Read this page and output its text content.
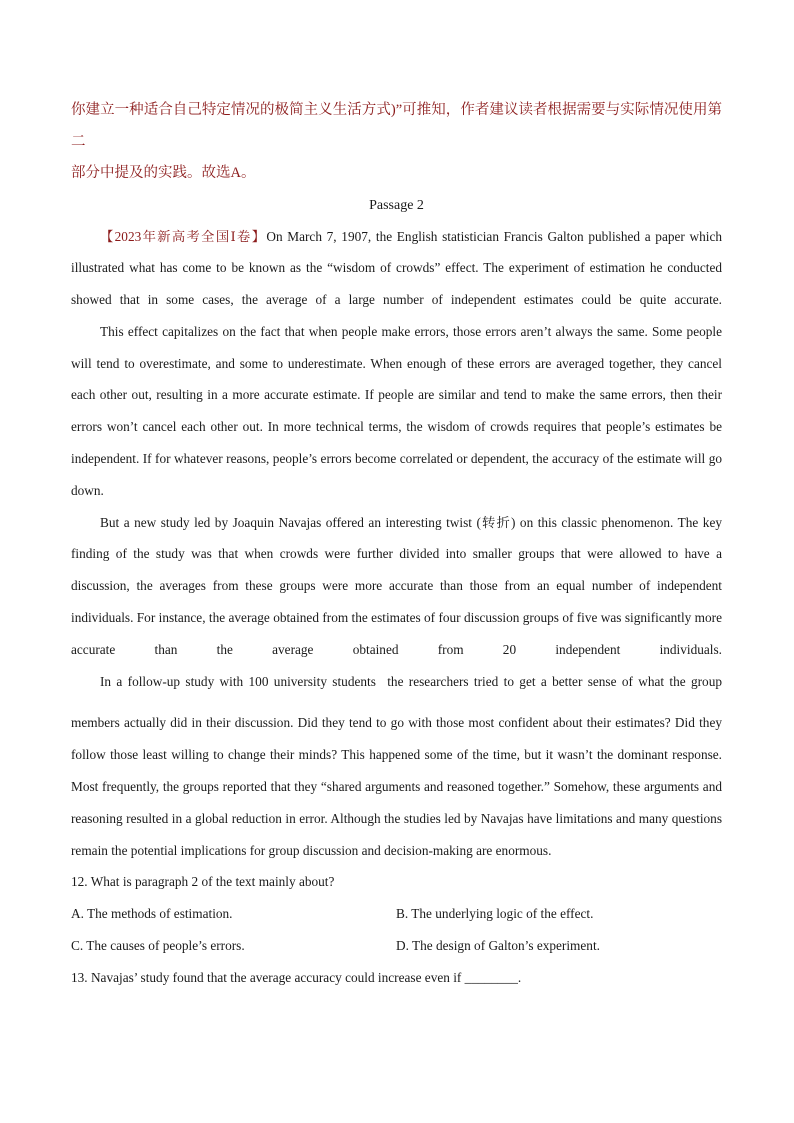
你建立一种适合自己特定情况的极简主义生活方式)”可推知，作者建议读者根据需要与实际情况使用第二

部分中提及的实践。故选A。

Passage 2

【2023年新高考全国Ⅰ卷】On March 7, 1907, the English statistician Francis Galton published a paper which illustrated what has come to be known as the “wisdom of crowds” effect. The experiment of estimation he conducted showed that in some cases, the average of a large number of independent estimates could be quite accurate.

This effect capitalizes on the fact that when people make errors, those errors aren’t always the same. Some people will tend to overestimate, and some to underestimate. When enough of these errors are averaged together, they cancel each other out, resulting in a more accurate estimate. If people are similar and tend to make the same errors, then their errors won’t cancel each other out. In more technical terms, the wisdom of crowds requires that people’s estimates be independent. If for whatever reasons, people’s errors become correlated or dependent, the accuracy of the estimate will go down.

But a new study led by Joaquin Navajas offered an interesting twist (转折) on this classic phenomenon. The key finding of the study was that when crowds were further divided into smaller groups that were allowed to have a discussion, the averages from these groups were more accurate than those from an equal number of independent individuals. For instance, the average obtained from the estimates of four discussion groups of five was significantly more accurate than the average obtained from 20 independent individuals.

In a follow-up study with 100 university students the researchers tried to get a better sense of what the group

members actually did in their discussion. Did they tend to go with those most confident about their estimates? Did they follow those least willing to change their minds? This happened some of the time, but it wasn’t the dominant response. Most frequently, the groups reported that they “shared arguments and reasoned together.” Somehow, these arguments and reasoning resulted in a global reduction in error. Although the studies led by Navajas have limitations and many questions remain the potential implications for group discussion and decision-making are enormous.

12. What is paragraph 2 of the text mainly about?

A. The methods of estimation.	B. The underlying logic of the effect.
C. The causes of people’s errors.	D. The design of Galton’s experiment.

13. Navajas’ study found that the average accuracy could increase even if ________.
